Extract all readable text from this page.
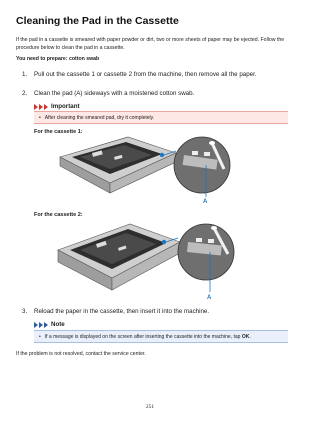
Cleaning the Pad in the Cassette

If the pad in a cassette is smeared with paper powder or dirt, two or more sheets of paper may be ejected. Follow the procedure below to clean the pad in a cassette.

You need to prepare: cotton swab

1. Pull out the cassette 1 or cassette 2 from the machine, then remove all the paper.
2. Clean the pad (A) sideways with a moistened cotton swab.
Important
• After cleaning the smeared pad, dry it completely.
For the cassette 1:
A
For the cassette 2:
A
3. Reload the paper in the cassette, then insert it into the machine.
Note
• If a message is displayed on the screen after inserting the cassette into the machine, tap OK.

If the problem is not resolved, contact the service center.

251
